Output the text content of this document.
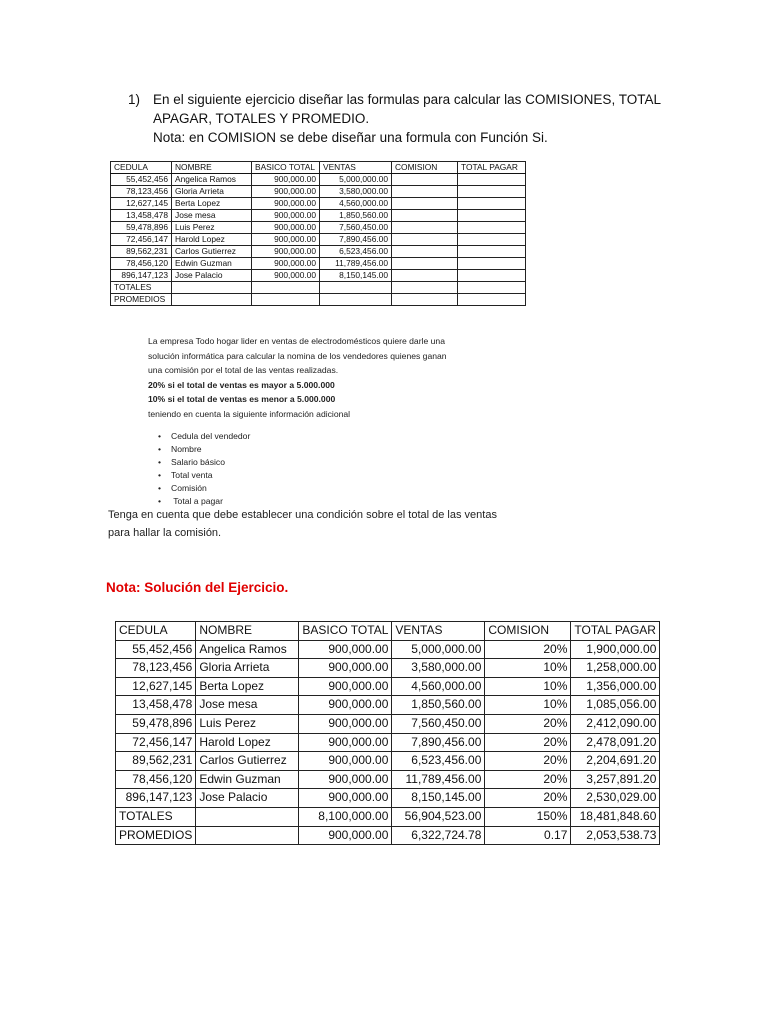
1) En el siguiente ejercicio diseñar las formulas para calcular las COMISIONES, TOTAL
APAGAR, TOTALES Y PROMEDIO.
Nota: en COMISION se debe diseñar una formula con Función Si.
CEDULA	NOMBRE	BASICO TOTAL	VENTAS	COMISION	TOTAL PAGAR
55,452,456	Angelica Ramos	900,000.00	5,000,000.00		
78,123,456	Gloria Arrieta	900,000.00	3,580,000.00		
12,627,145	Berta Lopez	900,000.00	4,560,000.00		
13,458,478	Jose mesa	900,000.00	1,850,560.00		
59,478,896	Luis Perez	900,000.00	7,560,450.00		
72,456,147	Harold Lopez	900,000.00	7,890,456.00		
89,562,231	Carlos Gutierrez	900,000.00	6,523,456.00		
78,456,120	Edwin Guzman	900,000.00	11,789,456.00		
896,147,123	Jose Palacio	900,000.00	8,150,145.00		
TOTALES					
PROMEDIOS					
La empresa Todo hogar lider en ventas de electrodomésticos quiere darle una
solución informática para calcular la nomina de los vendedores quienes ganan
una comisión por el total de las ventas realizadas.
20% si el total de ventas es mayor a 5.000.000
10% si el total de ventas es menor a 5.000.000
teniendo en cuenta la siguiente información adicional
• Cedula del vendedor
• Nombre
• Salario básico
• Total venta
• Comisión
• Total a pagar
Tenga en cuenta que debe establecer una condición sobre el total de las ventas
para hallar la comisión.
Nota: Solución del Ejercicio.
CEDULA	NOMBRE	BASICO TOTAL	VENTAS	COMISION	TOTAL PAGAR
55,452,456	Angelica Ramos	900,000.00	5,000,000.00	20%	1,900,000.00
78,123,456	Gloria Arrieta	900,000.00	3,580,000.00	10%	1,258,000.00
12,627,145	Berta Lopez	900,000.00	4,560,000.00	10%	1,356,000.00
13,458,478	Jose mesa	900,000.00	1,850,560.00	10%	1,085,056.00
59,478,896	Luis Perez	900,000.00	7,560,450.00	20%	2,412,090.00
72,456,147	Harold Lopez	900,000.00	7,890,456.00	20%	2,478,091.20
89,562,231	Carlos Gutierrez	900,000.00	6,523,456.00	20%	2,204,691.20
78,456,120	Edwin Guzman	900,000.00	11,789,456.00	20%	3,257,891.20
896,147,123	Jose Palacio	900,000.00	8,150,145.00	20%	2,530,029.00
TOTALES		8,100,000.00	56,904,523.00	150%	18,481,848.60
PROMEDIOS		900,000.00	6,322,724.78	0.17	2,053,538.73
